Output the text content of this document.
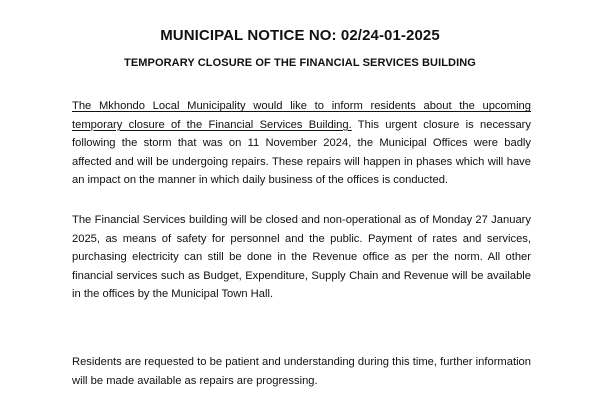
MUNICIPAL NOTICE NO: 02/24-01-2025
TEMPORARY CLOSURE OF THE FINANCIAL SERVICES BUILDING
The Mkhondo Local Municipality would like to inform residents about the upcoming temporary closure of the Financial Services Building. This urgent closure is necessary following the storm that was on 11 November 2024, the Municipal Offices were badly affected and will be undergoing repairs. These repairs will happen in phases which will have an impact on the manner in which daily business of the offices is conducted.
The Financial Services building will be closed and non-operational as of Monday 27 January 2025, as means of safety for personnel and the public. Payment of rates and services, purchasing electricity can still be done in the Revenue office as per the norm. All other financial services such as Budget, Expenditure, Supply Chain and Revenue will be available in the offices by the Municipal Town Hall.
Residents are requested to be patient and understanding during this time, further information will be made available as repairs are progressing.
